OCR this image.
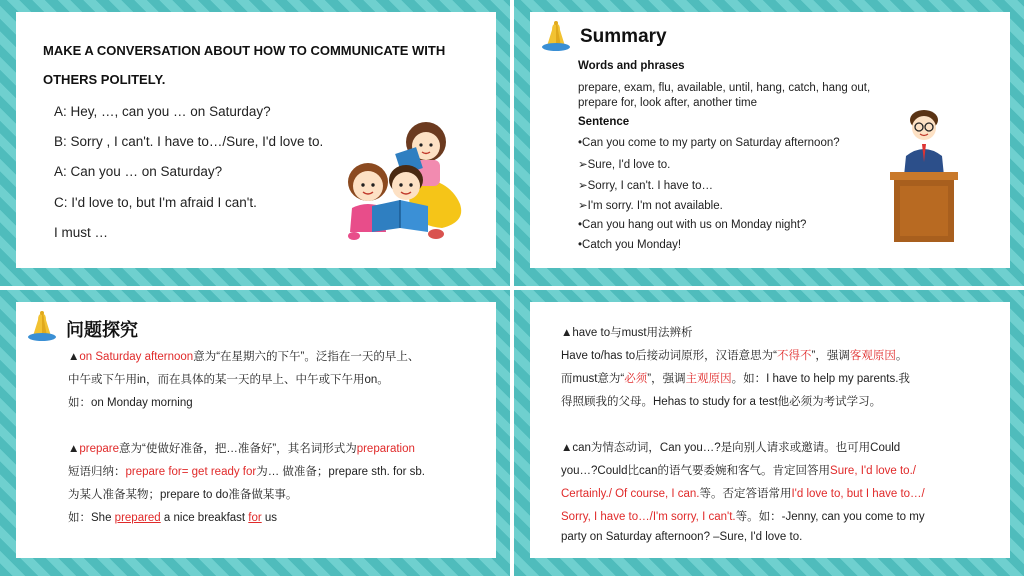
MAKE A CONVERSATION ABOUT HOW TO COMMUNICATE WITH OTHERS POLITELY.
A: Hey, …, can you … on Saturday?
B: Sorry , I can't. I have to…/Sure, I'd love to.
A: Can you … on Saturday?
C: I'd love to, but I'm afraid I can't.
I must …
Summary
Words and phrases
prepare, exam, flu, available, until, hang, catch, hang out, prepare for, look after, another time
Sentence
•Can you come to my party on Saturday afternoon?
➢Sure, I'd love to.
➢Sorry, I can't. I have to…
➢I'm sorry. I'm not available.
•Can you hang out with us on Monday night?
•Catch you Monday!
问题探究
▲on Saturday afternoon意为“在星期六的下午”。泛指在一天的早上、
中午或下午用in，而在具体的某一天的早上、中午或下午用on。
如：on Monday morning
▲prepare意为“使做好准备，把…准备好”，其名词形式为preparation
短语归纳：prepare for= get ready for为… 做准备；prepare sth. for sb.
为某人准备某物；prepare to do准备做某事。
如：She prepared a nice breakfast for us
▲have to与must用法辨析
Have to/has to后接动词原形，汉语意思为“不得不”，强调客观原因。
而must意为“必须”，强调主观原因。如：I have to help my parents.我
得照顾我的父母。Hehas to study for a test他必须为考试学习。
▲can为情态动词，Can you…?是向别人请求或邀请。也可用Could
you…?Could比can的语气要委婉和客气。肯定回答用Sure, I'd love to./
Certainly./ Of course, I can.等。否定答语常用I'd love to, but I have to…/
Sorry, I have to…/I'm sorry, I can't.等。如：-Jenny, can you come to my
party on Saturday afternoon? –Sure, I'd love to.
